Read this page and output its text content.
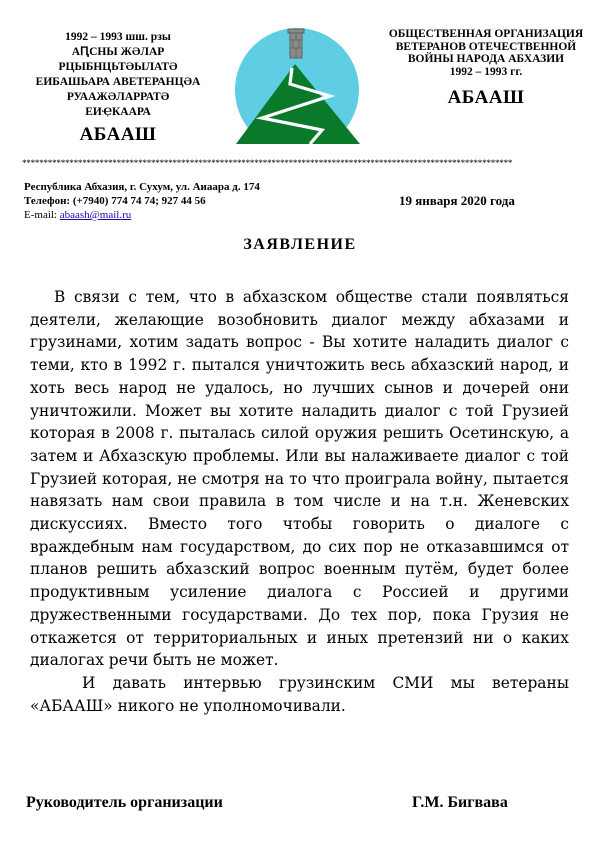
1992 – 1993 шш. рзы
АԤСНЫ ЖӘЛАР
РЦЫБНЦЬТӘЫЛАТӘ
ЕИБАШЬАРА АВЕТЕРАНЦӘА
РУААЖӘЛАРРАТӘ
ЕИҾКААРА
АБААШ
ОБЩЕСТВЕННАЯ ОРГАНИЗАЦИЯ
ВЕТЕРАНОВ ОТЕЧЕСТВЕННОЙ
ВОЙНЫ НАРОДА АБХАЗИИ
1992 – 1993 гг.
АБААШ
******************************************************************************************************************
Республика Абхазия, г. Сухум, ул. Аиаара д. 174
Телефон: (+7940) 774 74 74; 927 44 56
E-mail: abaash@mail.ru
19 января 2020 года
ЗАЯВЛЕНИЕ

В связи с тем, что в абхазском обществе стали появляться деятели, желающие возобновить диалог между абхазами и грузинами, хотим задать вопрос - Вы хотите наладить диалог с теми, кто в 1992 г. пытался уничтожить весь абхазский народ, и хоть весь народ не удалось, но лучших сынов и дочерей они уничтожили. Может вы хотите наладить диалог с той Грузией которая в 2008 г. пыталась силой оружия решить Осетинскую, а затем и Абхазскую проблемы. Или вы налаживаете диалог с той Грузией которая, не смотря на то что проиграла войну, пытается навязать нам свои правила в том числе и на т.н. Женевских дискуссиях. Вместо того чтобы говорить о диалоге с враждебным нам государством, до сих пор не отказавшимся от планов решить абхазский вопрос военным путём, будет более продуктивным усиление диалога с Россией и другими дружественными государствами. До тех пор, пока Грузия не откажется от территориальных и иных претензий ни о каких диалогах речи быть не может.

И давать интервью грузинским СМИ мы ветераны «АБААШ» никого не уполномочивали.

Руководитель организации	Г.М. Бигвава
